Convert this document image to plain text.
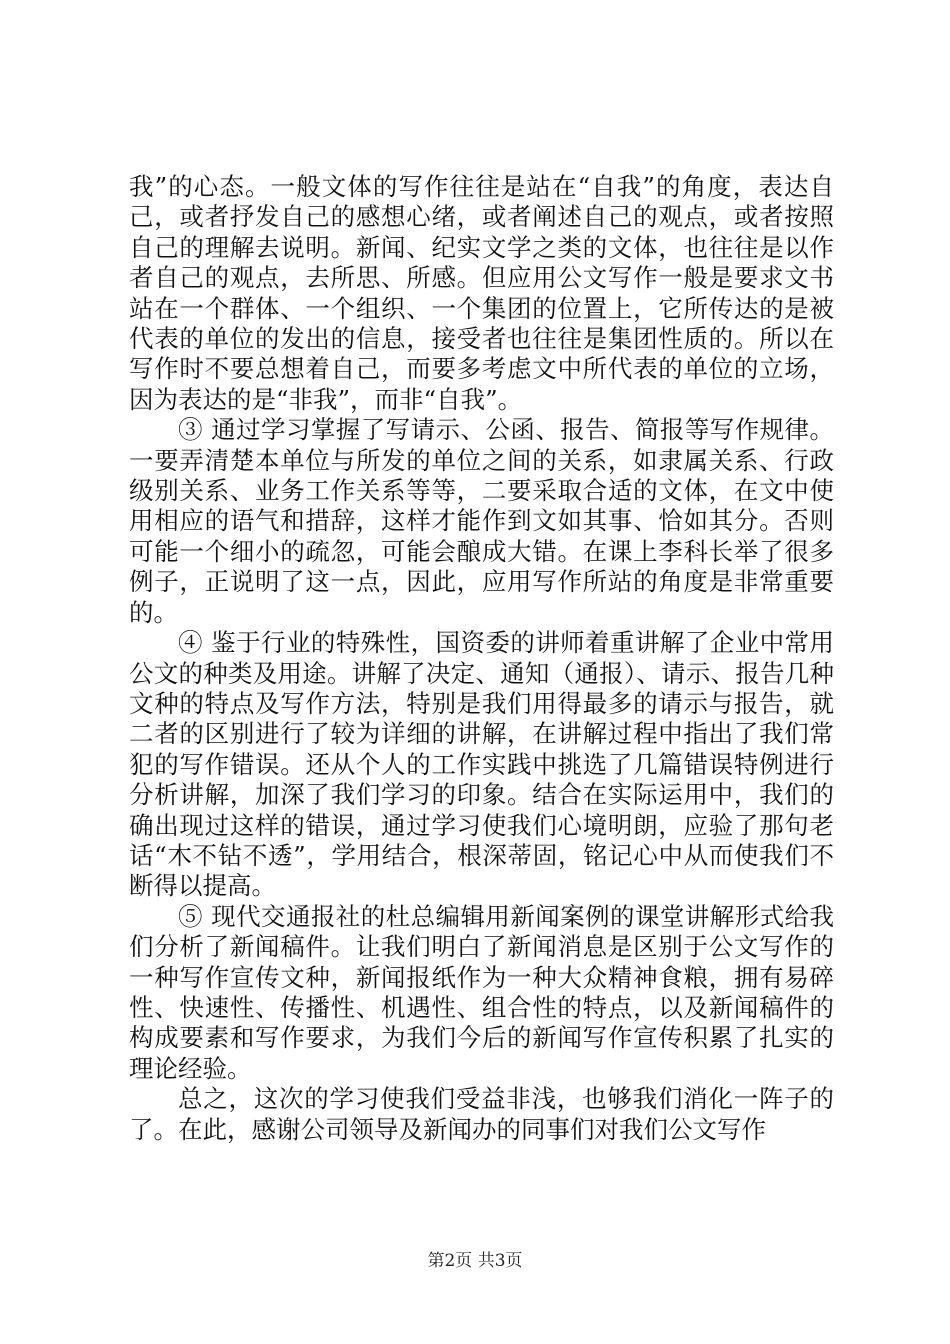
我”的心态。一般文体的写作往往是站在“自我”的角度，表达自己，或者抒发自己的感想心绪，或者阐述自己的观点，或者按照自己的理解去说明。新闻、纪实文学之类的文体，也往往是以作者自己的观点，去所思、所感。但应用公文写作一般是要求文书站在一个群体、一个组织、一个集团的位置上，它所传达的是被代表的单位的发出的信息，接受者也往往是集团性质的。所以在写作时不要总想着自己，而要多考虑文中所代表的单位的立场，因为表达的是“非我”，而非“自我”。

③ 通过学习掌握了写请示、公函、报告、简报等写作规律。一要弄清楚本单位与所发的单位之间的关系，如隶属关系、行政级别关系、业务工作关系等等，二要采取合适的文体，在文中使用相应的语气和措辞，这样才能作到文如其事、恰如其分。否则可能一个细小的疏忽，可能会酿成大错。在课上李科长举了很多例子，正说明了这一点，因此，应用写作所站的角度是非常重要的。

④ 鉴于行业的特殊性，国资委的讲师着重讲解了企业中常用公文的种类及用途。讲解了决定、通知（通报）、请示、报告几种文种的特点及写作方法，特别是我们用得最多的请示与报告，就二者的区别进行了较为详细的讲解，在讲解过程中指出了我们常犯的写作错误。还从个人的工作实践中挑选了几篇错误特例进行分析讲解，加深了我们学习的印象。结合在实际运用中，我们的确出现过这样的错误，通过学习使我们心境明朗，应验了那句老话“木不钻不透”，学用结合，根深蒂固，铭记心中从而使我们不断得以提高。

⑤ 现代交通报社的杜总编辑用新闻案例的课堂讲解形式给我们分析了新闻稿件。让我们明白了新闻消息是区别于公文写作的一种写作宣传文种，新闻报纸作为一种大众精神食粮，拥有易碎性、快速性、传播性、机遇性、组合性的特点，以及新闻稿件的构成要素和写作要求，为我们今后的新闻写作宣传积累了扎实的理论经验。

总之，这次的学习使我们受益非浅，也够我们消化一阵子的了。在此，感谢公司领导及新闻办的同事们对我们公文写作

第2页 共3页
